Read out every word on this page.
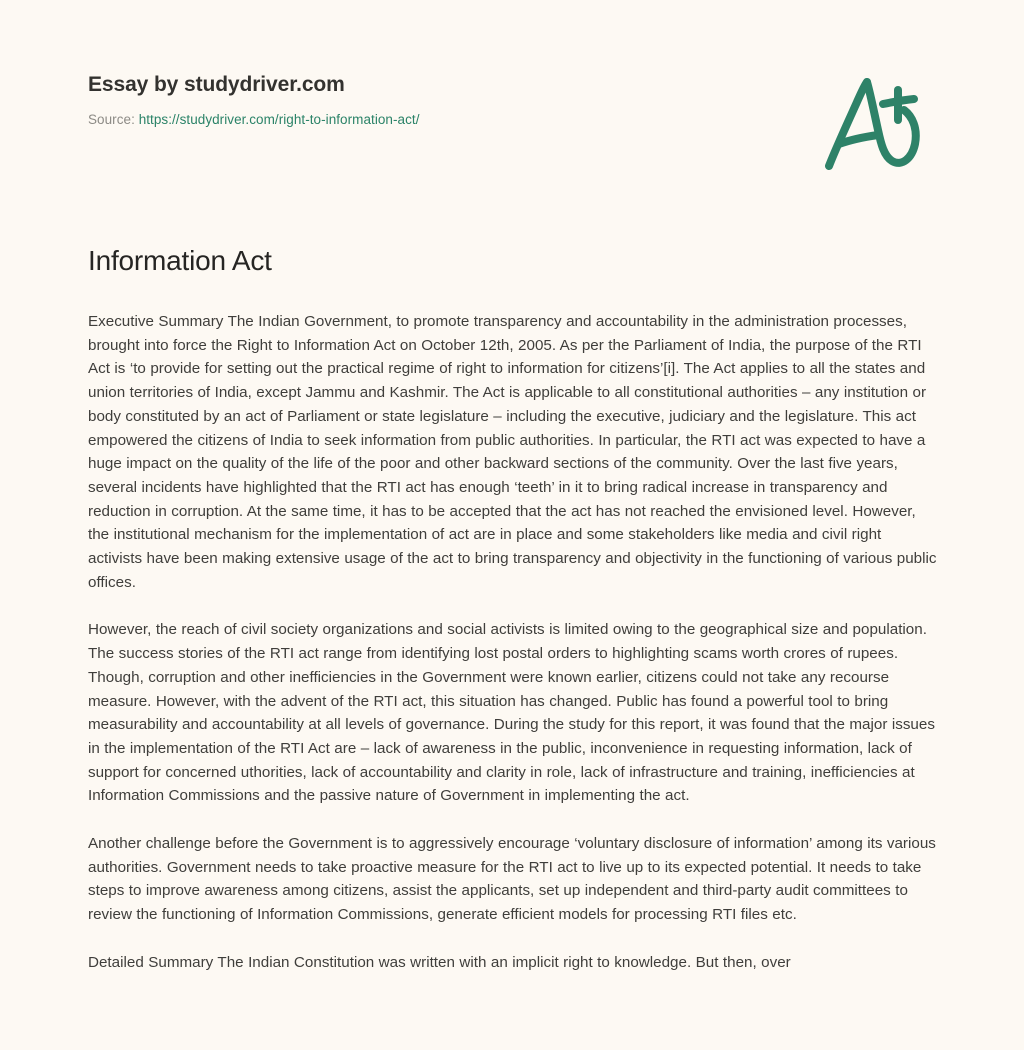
Essay by studydriver.com

Source: https://studydriver.com/right-to-information-act/

Information Act

Executive Summary The Indian Government, to promote transparency and accountability in the administration processes, brought into force the Right to Information Act on October 12th, 2005. As per the Parliament of India, the purpose of the RTI Act is ‘to provide for setting out the practical regime of right to information for citizens’[i]. The Act applies to all the states and union territories of India, except Jammu and Kashmir. The Act is applicable to all constitutional authorities – any institution or body constituted by an act of Parliament or state legislature – including the executive, judiciary and the legislature. This act empowered the citizens of India to seek information from public authorities. In particular, the RTI act was expected to have a huge impact on the quality of the life of the poor and other backward sections of the community. Over the last five years, several incidents have highlighted that the RTI act has enough ‘teeth’ in it to bring radical increase in transparency and reduction in corruption. At the same time, it has to be accepted that the act has not reached the envisioned level. However, the institutional mechanism for the implementation of act are in place and some stakeholders like media and civil right activists have been making extensive usage of the act to bring transparency and objectivity in the functioning of various public offices.

However, the reach of civil society organizations and social activists is limited owing to the geographical size and population. The success stories of the RTI act range from identifying lost postal orders to highlighting scams worth crores of rupees. Though, corruption and other inefficiencies in the Government were known earlier, citizens could not take any recourse measure. However, with the advent of the RTI act, this situation has changed. Public has found a powerful tool to bring measurability and accountability at all levels of governance. During the study for this report, it was found that the major issues in the implementation of the RTI Act are – lack of awareness in the public, inconvenience in requesting information, lack of support for concerned uthorities, lack of accountability and clarity in role, lack of infrastructure and training, inefficiencies at Information Commissions and the passive nature of Government in implementing the act.

Another challenge before the Government is to aggressively encourage ‘voluntary disclosure of information’ among its various authorities. Government needs to take proactive measure for the RTI act to live up to its expected potential. It needs to take steps to improve awareness among citizens, assist the applicants, set up independent and third-party audit committees to review the functioning of Information Commissions, generate efficient models for processing RTI files etc.

Detailed Summary The Indian Constitution was written with an implicit right to knowledge. But then, over
